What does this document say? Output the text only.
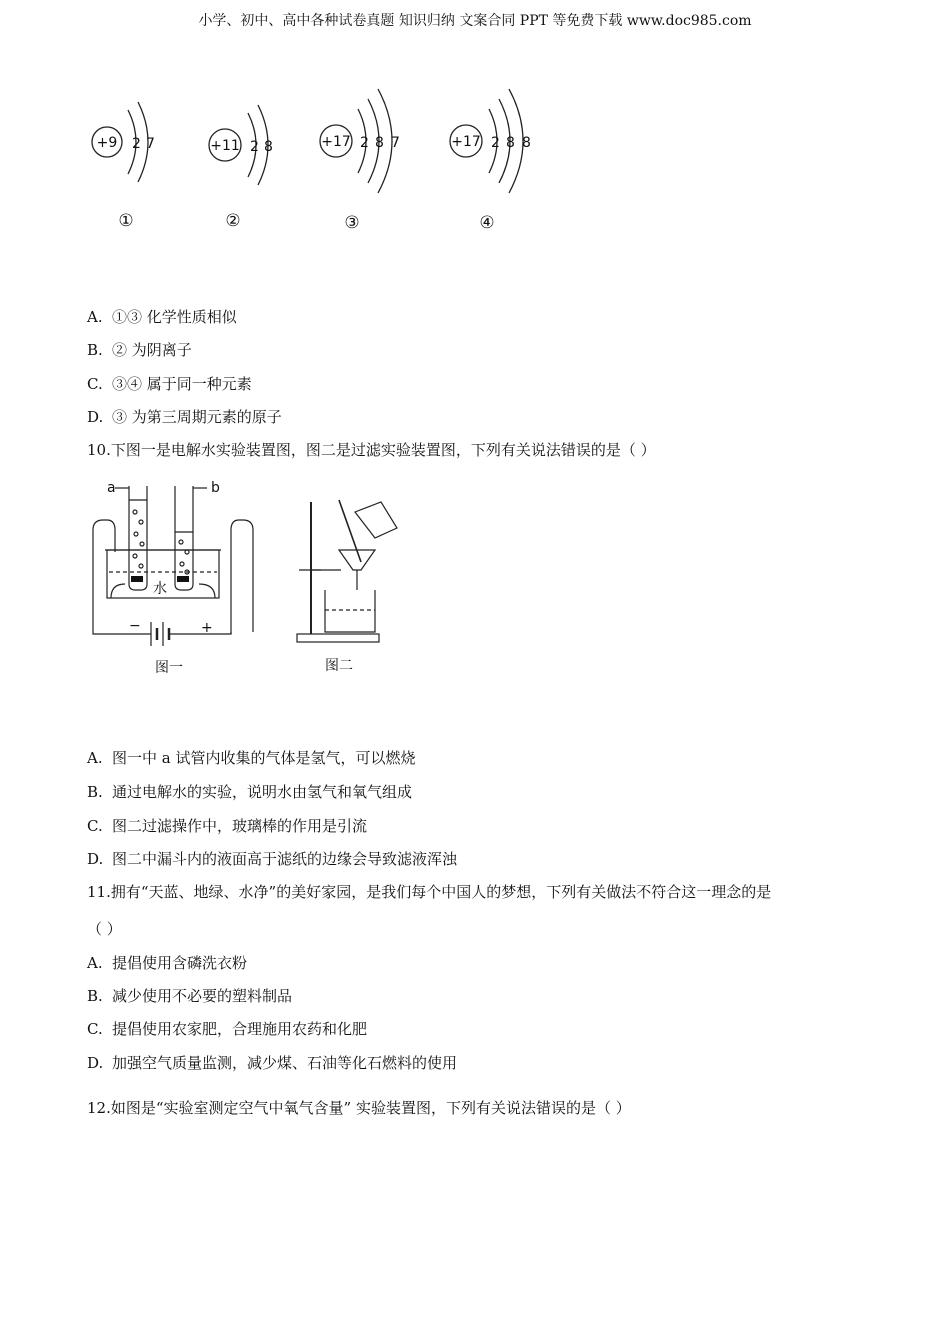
小学、初中、高中各种试卷真题 知识归纳 文案合同 PPT 等免费下载 www.doc985.com
+9 2 7	+11 2 8	+17 2 8 7	+17 2 8 8
①	②	③	④
A. ①③ 化学性质相似
B. ② 为阴离子
C. ③④ 属于同一种元素
D. ③ 为第三周期元素的原子
10.下图一是电解水实验装置图，图二是过滤实验装置图，下列有关说法错误的是（ ）
a	b
水
−	+
图一	图二
A. 图一中 a 试管内收集的气体是氢气，可以燃烧
B. 通过电解水的实验，说明水由氢气和氧气组成
C. 图二过滤操作中，玻璃棒的作用是引流
D. 图二中漏斗内的液面高于滤纸的边缘会导致滤液浑浊
11.拥有“天蓝、地绿、水净”的美好家园，是我们每个中国人的梦想，下列有关做法不符合这一理念的是
（ ）
A. 提倡使用含磷洗衣粉
B. 减少使用不必要的塑料制品
C. 提倡使用农家肥，合理施用农药和化肥
D. 加强空气质量监测，减少煤、石油等化石燃料的使用
12.如图是“实验室测定空气中氧气含量” 实验装置图，下列有关说法错误的是（ ）
